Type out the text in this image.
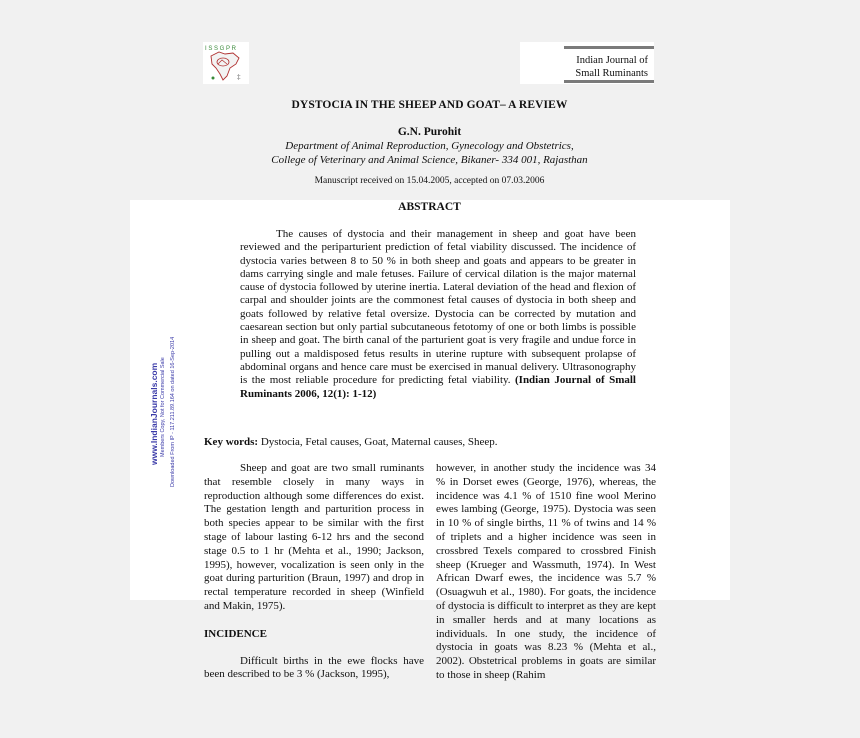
I S S G P R
‡
Indian Journal of
Small Ruminants
DYSTOCIA IN THE SHEEP AND GOAT– A REVIEW
G.N. Purohit
Department of Animal Reproduction, Gynecology and Obstetrics,
College of Veterinary and Animal Science, Bikaner- 334 001, Rajasthan
Manuscript received on 15.04.2005, accepted on 07.03.2006
ABSTRACT

The causes of dystocia and their management in sheep and goat have been reviewed and the periparturient prediction of fetal viability discussed. The incidence of dystocia varies between 8 to 50 % in both sheep and goats and appears to be greater in dams carrying single and male fetuses. Failure of cervical dilation is the major maternal cause of dystocia followed by uterine inertia. Lateral deviation of the head and flexion of carpal and shoulder joints are the commonest fetal causes of dystocia in both sheep and goats followed by relative fetal oversize. Dystocia can be corrected by mutation and caesarean section but only partial subcutaneous fetotomy of one or both limbs is possible in sheep and goat. The birth canal of the parturient goat is very fragile and undue force in pulling out a maldisposed fetus results in uterine rupture with subsequent prolapse of abdominal organs and hence care must be exercised in manual delivery. Ultrasonography is the most reliable procedure for predicting fetal viability. (Indian Journal of Small Ruminants 2006, 12(1): 1-12)

Key words: Dystocia, Fetal causes, Goat, Maternal causes, Sheep.

Sheep and goat are two small ruminants that resemble closely in many ways in reproduction although some differences do exist. The gestation length and parturition process in both species appear to be similar with the first stage of labour lasting 6-12 hrs and the second stage 0.5 to 1 hr (Mehta et al., 1990; Jackson, 1995), however, vocalization is seen only in the goat during parturition (Braun, 1997) and drop in rectal temperature recorded in sheep (Winfield and Makin, 1975).

INCIDENCE

Difficult births in the ewe flocks have been described to be 3 % (Jackson, 1995),

however, in another study the incidence was 34 % in Dorset ewes (George, 1976), whereas, the incidence was 4.1 % of 1510 fine wool Merino ewes lambing (George, 1975). Dystocia was seen in 10 % of single births, 11 % of twins and 14 % of triplets and a higher incidence was seen in crossbred Texels compared to crossbred Finish sheep (Krueger and Wassmuth, 1974). In West African Dwarf ewes, the incidence was 5.7 % (Osuagwuh et al., 1980). For goats, the incidence of dystocia is difficult to interpret as they are kept in smaller herds and at many locations as individuals. In one study, the incidence of dystocia in goats was 8.23 % (Mehta et al., 2002). Obstetrical problems in goats are similar to those in sheep (Rahim

www.IndianJournals.com Members Copy, Not for Commercial Sale Downloaded From IP - 117.211.89.164 on dated 16-Sep-2014
